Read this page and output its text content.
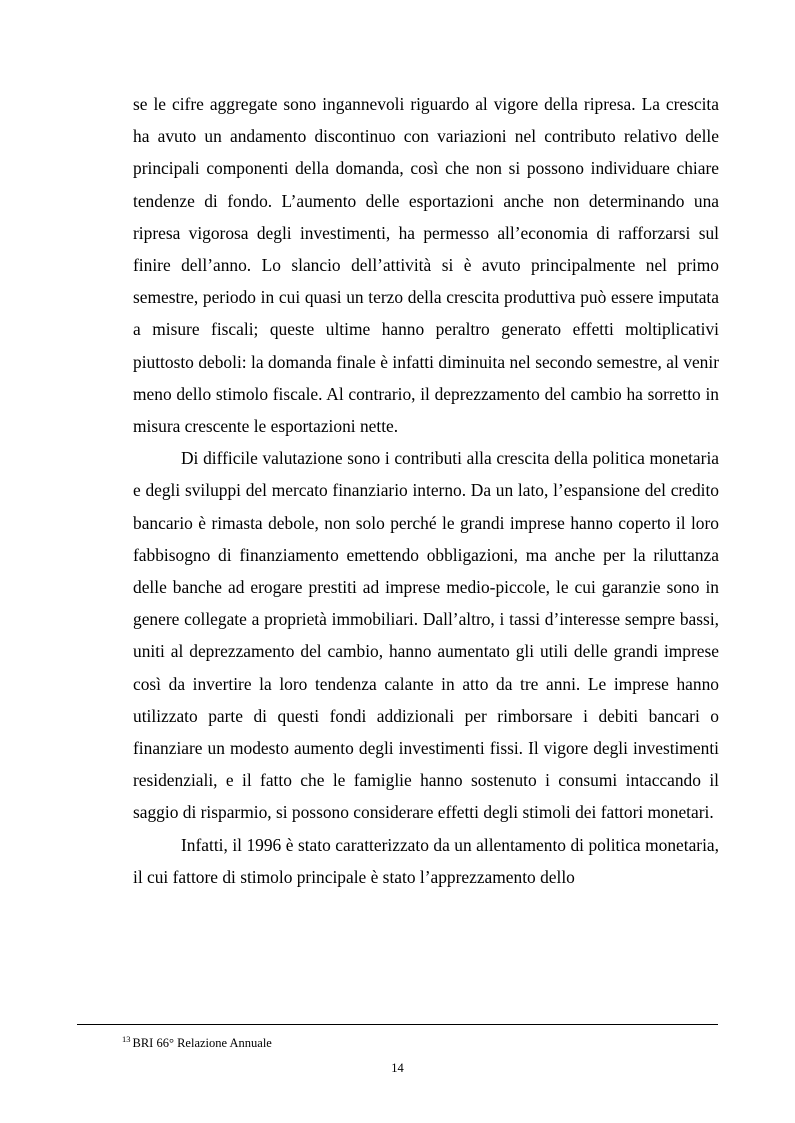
se le cifre aggregate sono ingannevoli riguardo al vigore della ripresa. La crescita ha avuto un andamento discontinuo con variazioni nel contributo relativo delle principali componenti della domanda, così che non si possono individuare chiare tendenze di fondo. L’aumento delle esportazioni anche non determinando una ripresa vigorosa degli investimenti, ha permesso all’economia di rafforzarsi sul finire dell’anno. Lo slancio dell’attività si è avuto principalmente nel primo semestre, periodo in cui quasi un terzo della crescita produttiva può essere imputata a misure fiscali; queste ultime hanno peraltro generato effetti moltiplicativi piuttosto deboli: la domanda finale è infatti diminuita nel secondo semestre, al venir meno dello stimolo fiscale. Al contrario, il deprezzamento del cambio ha sorretto in misura crescente le esportazioni nette.

Di difficile valutazione sono i contributi alla crescita della politica monetaria e degli sviluppi del mercato finanziario interno. Da un lato, l’espansione del credito bancario è rimasta debole, non solo perché le grandi imprese hanno coperto il loro fabbisogno di finanziamento emettendo obbligazioni, ma anche per la riluttanza delle banche ad erogare prestiti ad imprese medio-piccole, le cui garanzie sono in genere collegate a proprietà immobiliari. Dall’altro, i tassi d’interesse sempre bassi, uniti al deprezzamento del cambio, hanno aumentato gli utili delle grandi imprese così da invertire la loro tendenza calante in atto da tre anni. Le imprese hanno utilizzato parte di questi fondi addizionali per rimborsare i debiti bancari o finanziare un modesto aumento degli investimenti fissi. Il vigore degli investimenti residenziali, e il fatto che le famiglie hanno sostenuto i consumi intaccando il saggio di risparmio, si possono considerare effetti degli stimoli dei fattori monetari.

Infatti, il 1996 è stato caratterizzato da un allentamento di politica monetaria, il cui fattore di stimolo principale è stato l’apprezzamento dello

$^{13}$ BRI 66° Relazione Annuale
14
